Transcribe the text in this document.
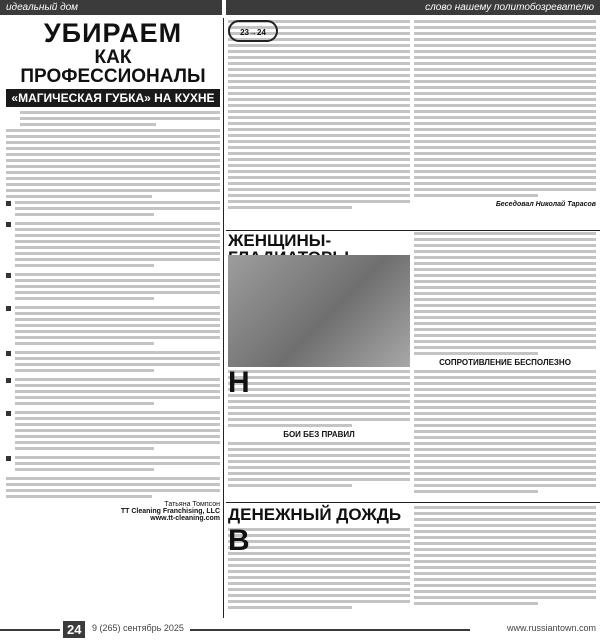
идеальный дом	слово нашему политобозревателю
УБИРАЕМ
КАК ПРОФЕССИОНАЛЫ
«МАГИЧЕСКАЯ ГУБКА» НА КУХНЕ
Татьяна Томпсон
TT Cleaning Franchising, LLC
www.tt-cleaning.com
23→24
Беседовал Николай Тарасов
ЖЕНЩИНЫ-
Н
БОИ БЕЗ ПРАВИЛ
СОПРОТИВЛЕНИЕ БЕСПОЛЕЗНО
ДЕНЕЖНЫЙ ДОЖДЬ
В
24	9 (265) сентябрь 2025	www.russiantown.com
